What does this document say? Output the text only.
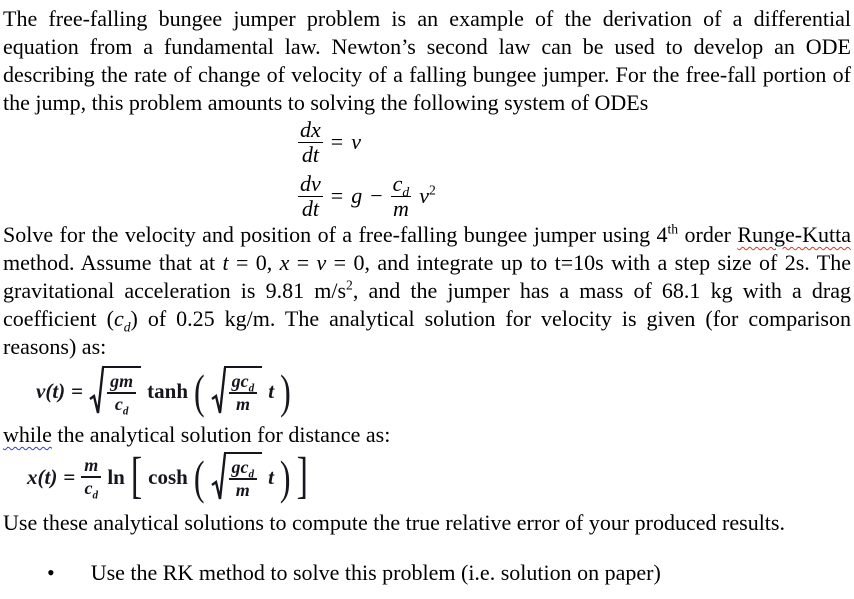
The free-falling bungee jumper problem is an example of the derivation of a differential equation from a fundamental law. Newton’s second law can be used to develop an ODE describing the rate of change of velocity of a falling bungee jumper. For the free-fall portion of the jump, this problem amounts to solving the following system of ODEs

$\frac{dx}{dt} = v$
$\frac{dv}{dt} = g - \frac{c_d}{m} v^2$

Solve for the velocity and position of a free-falling bungee jumper using 4th order Runge-Kutta method. Assume that at t = 0, x = v = 0, and integrate up to t=10s with a step size of 2s. The gravitational acceleration is 9.81 $m/s^2$, and the jumper has a mass of 68.1 kg with a drag coefficient $(c_d)$ of 0.25 kg/m. The analytical solution for velocity is given (for comparison reasons) as:

$v(t) = \frac{gm}{c_d}$ tanh ( $\frac{gc_d}{m}$ t )

while the analytical solution for distance as:

$x(t) = \frac{m}{c_d}$ ln [ cosh ( $\frac{gc_d}{m}$ t ) ]

Use these analytical solutions to compute the true relative error of your produced results.

• Use the RK method to solve this problem (i.e. solution on paper)
